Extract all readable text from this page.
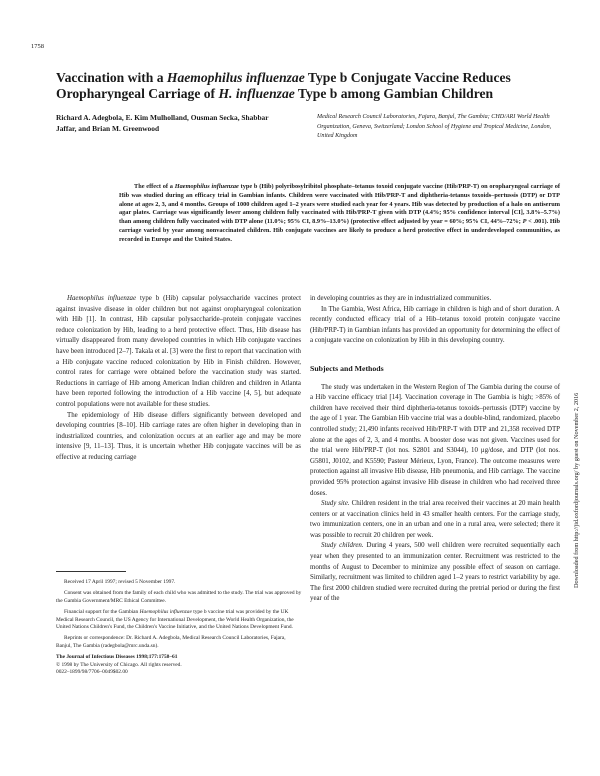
1758
Vaccination with a Haemophilus influenzae Type b Conjugate Vaccine Reduces Oropharyngeal Carriage of H. influenzae Type b among Gambian Children
Richard A. Adegbola, E. Kim Mulholland, Ousman Secka, Shabbar Jaffar, and Brian M. Greenwood
Medical Research Council Laboratories, Fajara, Banjul, The Gambia; CHD/ARI World Health Organization, Geneva, Switzerland; London School of Hygiene and Tropical Medicine, London, United Kingdom
The effect of a Haemophilus influenzae type b (Hib) polyribosylribitol phosphate–tetanus toxoid conjugate vaccine (Hib/PRP-T) on oropharyngeal carriage of Hib was studied during an efficacy trial in Gambian infants. Children were vaccinated with Hib/PRP-T and diphtheria-tetanus toxoids–pertussis (DTP) or DTP alone at ages 2, 3, and 4 months. Groups of 1000 children aged 1–2 years were studied each year for 4 years. Hib was detected by production of a halo on antiserum agar plates. Carriage was significantly lower among children fully vaccinated with Hib/PRP-T given with DTP (4.4%; 95% confidence interval [CI], 3.8%–5.7%) than among children fully vaccinated with DTP alone (11.0%; 95% CI, 8.9%–13.0%) (protective effect adjusted by year = 60%; 95% CI, 44%–72%; P < .001). Hib carriage varied by year among nonvaccinated children. Hib conjugate vaccines are likely to produce a herd protective effect in underdeveloped communities, as recorded in Europe and the United States.

Haemophilus influenzae type b (Hib) capsular polysaccharide vaccines protect against invasive disease in older children but not against oropharyngeal colonization with Hib [1]. In contrast, Hib capsular polysaccharide–protein conjugate vaccines reduce colonization by Hib, leading to a herd protective effect. Thus, Hib disease has virtually disappeared from many developed countries in which Hib conjugate vaccines have been introduced [2–7]. Takala et al. [3] were the first to report that vaccination with a Hib conjugate vaccine reduced colonization by Hib in Finish children. However, control rates for carriage were obtained before the vaccination study was started. Reductions in carriage of Hib among American Indian children and children in Atlanta have been reported following the introduction of a Hib vaccine [4, 5], but adequate control populations were not available for these studies.

The epidemiology of Hib disease differs significantly between developed and developing countries [8–10]. Hib carriage rates are often higher in developing than in industrialized countries, and colonization occurs at an earlier age and may be more intensive [9, 11–13]. Thus, it is uncertain whether Hib conjugate vaccines will be as effective at reducing carriage

in developing countries as they are in industrialized communities.

In The Gambia, West Africa, Hib carriage in children is high and of short duration. A recently conducted efficacy trial of a Hib–tetanus toxoid protein conjugate vaccine (Hib/PRP-T) in Gambian infants has provided an opportunity for determining the effect of a conjugate vaccine on colonization by Hib in this developing country.

Subjects and Methods

The study was undertaken in the Western Region of The Gambia during the course of a Hib vaccine efficacy trial [14]. Vaccination coverage in The Gambia is high; >85% of children have received their third diphtheria-tetanus toxoids–pertussis (DTP) vaccine by the age of 1 year. The Gambian Hib vaccine trial was a double-blind, randomized, placebo controlled study; 21,490 infants received Hib/PRP-T with DTP and 21,358 received DTP alone at the ages of 2, 3, and 4 months. A booster dose was not given. Vaccines used for the trial were Hib/PRP-T (lot nos. S2801 and S3044), 10 μg/dose, and DTP (lot nos. G5801, J0102, and K5590; Pasteur Mérieux, Lyon, France). The outcome measures were protection against all invasive Hib disease, Hib pneumonia, and Hib carriage. The vaccine provided 95% protection against invasive Hib disease in children who had received three doses.

Study site. Children resident in the trial area received their vaccines at 20 main health centers or at vaccination clinics held in 43 smaller health centers. For the carriage study, two immunization centers, one in an urban and one in a rural area, were selected; there it was possible to recruit 20 children per week.

Study children. During 4 years, 500 well children were recruited sequentially each year when they presented to an immunization center. Recruitment was restricted to the months of August to December to minimize any possible effect of season on carriage. Similarly, recruitment was limited to children aged 1–2 years to restrict variability by age. The first 2000 children studied were recruited during the pretrial period or during the first year of the

Received 17 April 1997; revised 5 November 1997.

Consent was obtained from the family of each child who was admitted to the study. The trial was approved by the Gambia Government/MRC Ethical Committee.

Financial support for the Gambian Haemophilus influenzae type b vaccine trial was provided by the UK Medical Research Council, the US Agency for International Development, the World Health Organization, the United Nations Children's Fund, the Children's Vaccine Initiative, and the United Nations Development Fund.

Reprints or correspondence: Dr. Richard A. Adegbola, Medical Research Council Laboratories, Fajara, Banjul, The Gambia (radegbola@mrc.unda.sn).

The Journal of Infectious Diseases 1998;177:1758–61
© 1998 by The University of Chicago. All rights reserved.
0022–1899/98/7706–0049$02.00
Downloaded from http://jid.oxfordjournals.org/ by guest on November 2, 2016
